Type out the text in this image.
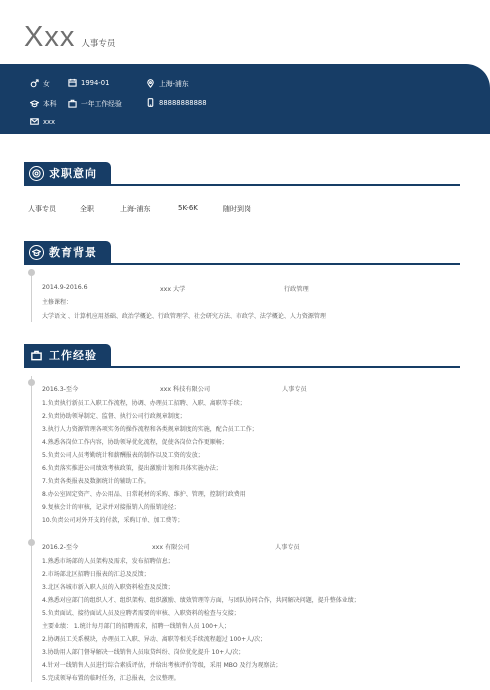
Xxx 人事专员
女	1994-01	上海-浦东
本科	一年工作经验	88888888888
xxx
求职意向
人事专员	全职	上海-浦东	5K-6K	随时到岗
教育背景
2014.9-2016.6	xxx 大学	行政管理
主修课程：
大学语文 、计算机应用基础、政治学概论、行政管理学、社会研究方法、市政学、法学概论、人力资源管理
工作经验
2016.3-至今	xxx 科技有限公司	人事专员
1.负责执行新员工入职工作流程，协调、办理员工招聘、入职、离职等手续；
2.负责协助领导制定、监督、执行公司行政规章制度；
3.执行人力资源管理各项实务的操作流程和各类规章制度的实施，配合员工工作；
4.熟悉各岗位工作内容，协助领导优化流程，促使各岗位合作更顺畅；
5.负责公司人员考勤统计和薪酬报表的制作以及工资的发放；
6.负责落实推进公司绩效考核政策，提出激励计划和具体实施办法；
7.负责各类报表及数据统计的辅助工作。
8.办公室固定资产、办公用品、日常耗材的采购、维护、管理，控制行政费用
9.复核会计的审核，记录并对接报销人的报销途径；
10.负责公司对外开支的付款，采购订单、加工费等；
2016.2-至今	xxx 有限公司	人事专员
1.熟悉市场部的人员架构及需求，发布招聘信息；
2.市场部北区招聘日报表的汇总及反馈；
3.北区各城市新入职人员的入职资料检查及反馈；
4.熟悉对应部门的组织人才、组织架构、组织激励、绩效管理等方面，与团队协同合作，共同解决问题，提升整体业绩；
5.负责面试、接待面试人员及应聘者需要的审核、入职资料的检查与交接；
主要业绩： 1.统计每月部门的招聘需求，招聘一线销售人员 100+人；
2.协调员工关系模块，办理员工入职、异动、离职等相关手续流程超过 100+人/次；
3.协助用人部门督导解决一线销售人员取贷纠纷、岗位优化提升 10+人/次；
4.针对一线销售人员进行综合素质评估，并给出考核评价等级，采用 MBO 及行为观察法；
5.完成领导布置的临时任务，汇总报表，会议整理。
